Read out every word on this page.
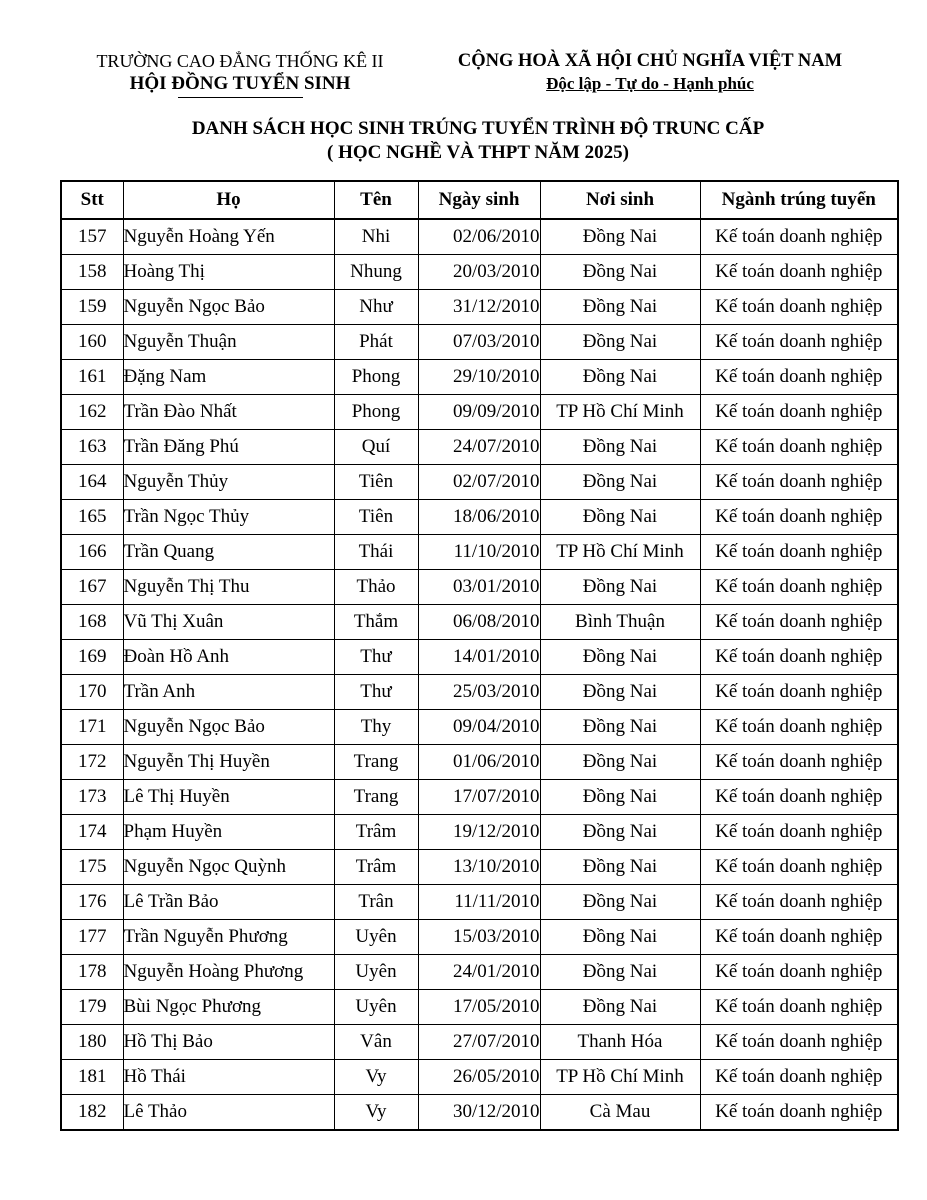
TRƯỜNG CAO ĐẲNG THỐNG KÊ II
HỘI ĐỒNG TUYỂN SINH
CỘNG HOÀ XÃ HỘI CHỦ NGHĨA VIỆT NAM
Độc lập - Tự do - Hạnh phúc
DANH SÁCH HỌC SINH TRÚNG TUYỂN TRÌNH ĐỘ TRUNC CẤP
( HỌC NGHỀ VÀ THPT NĂM 2025)
Stt	Họ	Tên	Ngày sinh	Nơi sinh	Ngành trúng tuyển
157	Nguyễn Hoàng Yến	Nhi	02/06/2010	Đồng Nai	Kế toán doanh nghiệp
158	Hoàng Thị	Nhung	20/03/2010	Đồng Nai	Kế toán doanh nghiệp
159	Nguyễn Ngọc Bảo	Như	31/12/2010	Đồng Nai	Kế toán doanh nghiệp
160	Nguyễn Thuận	Phát	07/03/2010	Đồng Nai	Kế toán doanh nghiệp
161	Đặng Nam	Phong	29/10/2010	Đồng Nai	Kế toán doanh nghiệp
162	Trần Đào Nhất	Phong	09/09/2010	TP Hồ Chí Minh	Kế toán doanh nghiệp
163	Trần Đăng Phú	Quí	24/07/2010	Đồng Nai	Kế toán doanh nghiệp
164	Nguyễn Thủy	Tiên	02/07/2010	Đồng Nai	Kế toán doanh nghiệp
165	Trần Ngọc Thủy	Tiên	18/06/2010	Đồng Nai	Kế toán doanh nghiệp
166	Trần Quang	Thái	11/10/2010	TP Hồ Chí Minh	Kế toán doanh nghiệp
167	Nguyễn Thị Thu	Thảo	03/01/2010	Đồng Nai	Kế toán doanh nghiệp
168	Vũ Thị Xuân	Thắm	06/08/2010	Bình Thuận	Kế toán doanh nghiệp
169	Đoàn Hồ Anh	Thư	14/01/2010	Đồng Nai	Kế toán doanh nghiệp
170	Trần Anh	Thư	25/03/2010	Đồng Nai	Kế toán doanh nghiệp
171	Nguyễn Ngọc Bảo	Thy	09/04/2010	Đồng Nai	Kế toán doanh nghiệp
172	Nguyễn Thị Huyền	Trang	01/06/2010	Đồng Nai	Kế toán doanh nghiệp
173	Lê Thị Huyền	Trang	17/07/2010	Đồng Nai	Kế toán doanh nghiệp
174	Phạm Huyền	Trâm	19/12/2010	Đồng Nai	Kế toán doanh nghiệp
175	Nguyễn Ngọc Quỳnh	Trâm	13/10/2010	Đồng Nai	Kế toán doanh nghiệp
176	Lê Trần Bảo	Trân	11/11/2010	Đồng Nai	Kế toán doanh nghiệp
177	Trần Nguyễn Phương	Uyên	15/03/2010	Đồng Nai	Kế toán doanh nghiệp
178	Nguyễn Hoàng Phương	Uyên	24/01/2010	Đồng Nai	Kế toán doanh nghiệp
179	Bùi Ngọc Phương	Uyên	17/05/2010	Đồng Nai	Kế toán doanh nghiệp
180	Hồ Thị Bảo	Vân	27/07/2010	Thanh Hóa	Kế toán doanh nghiệp
181	Hồ Thái	Vy	26/05/2010	TP Hồ Chí Minh	Kế toán doanh nghiệp
182	Lê Thảo	Vy	30/12/2010	Cà Mau	Kế toán doanh nghiệp
